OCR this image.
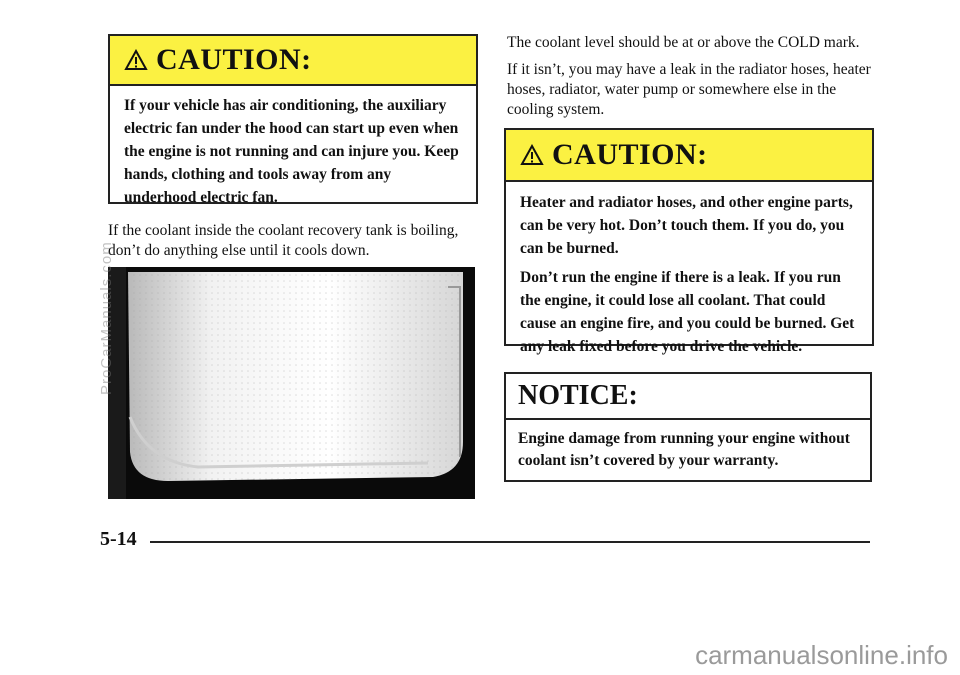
CAUTION:

If your vehicle has air conditioning, the auxiliary electric fan under the hood can start up even when the engine is not running and can injure you. Keep hands, clothing and tools away from any underhood electric fan.

If the coolant inside the coolant recovery tank is boiling, don’t do anything else until it cools down.

The coolant level should be at or above the COLD mark.

If it isn’t, you may have a leak in the radiator hoses, heater hoses, radiator, water pump or somewhere else in the cooling system.

CAUTION:

Heater and radiator hoses, and other engine parts, can be very hot. Don’t touch them. If you do, you can be burned.

Don’t run the engine if there is a leak. If you run the engine, it could lose all coolant. That could cause an engine fire, and you could be burned. Get any leak fixed before you drive the vehicle.

NOTICE:
Engine damage from running your engine without coolant isn’t covered by your warranty.
5-14
ProCarManuals.com
carmanualsonline.info
